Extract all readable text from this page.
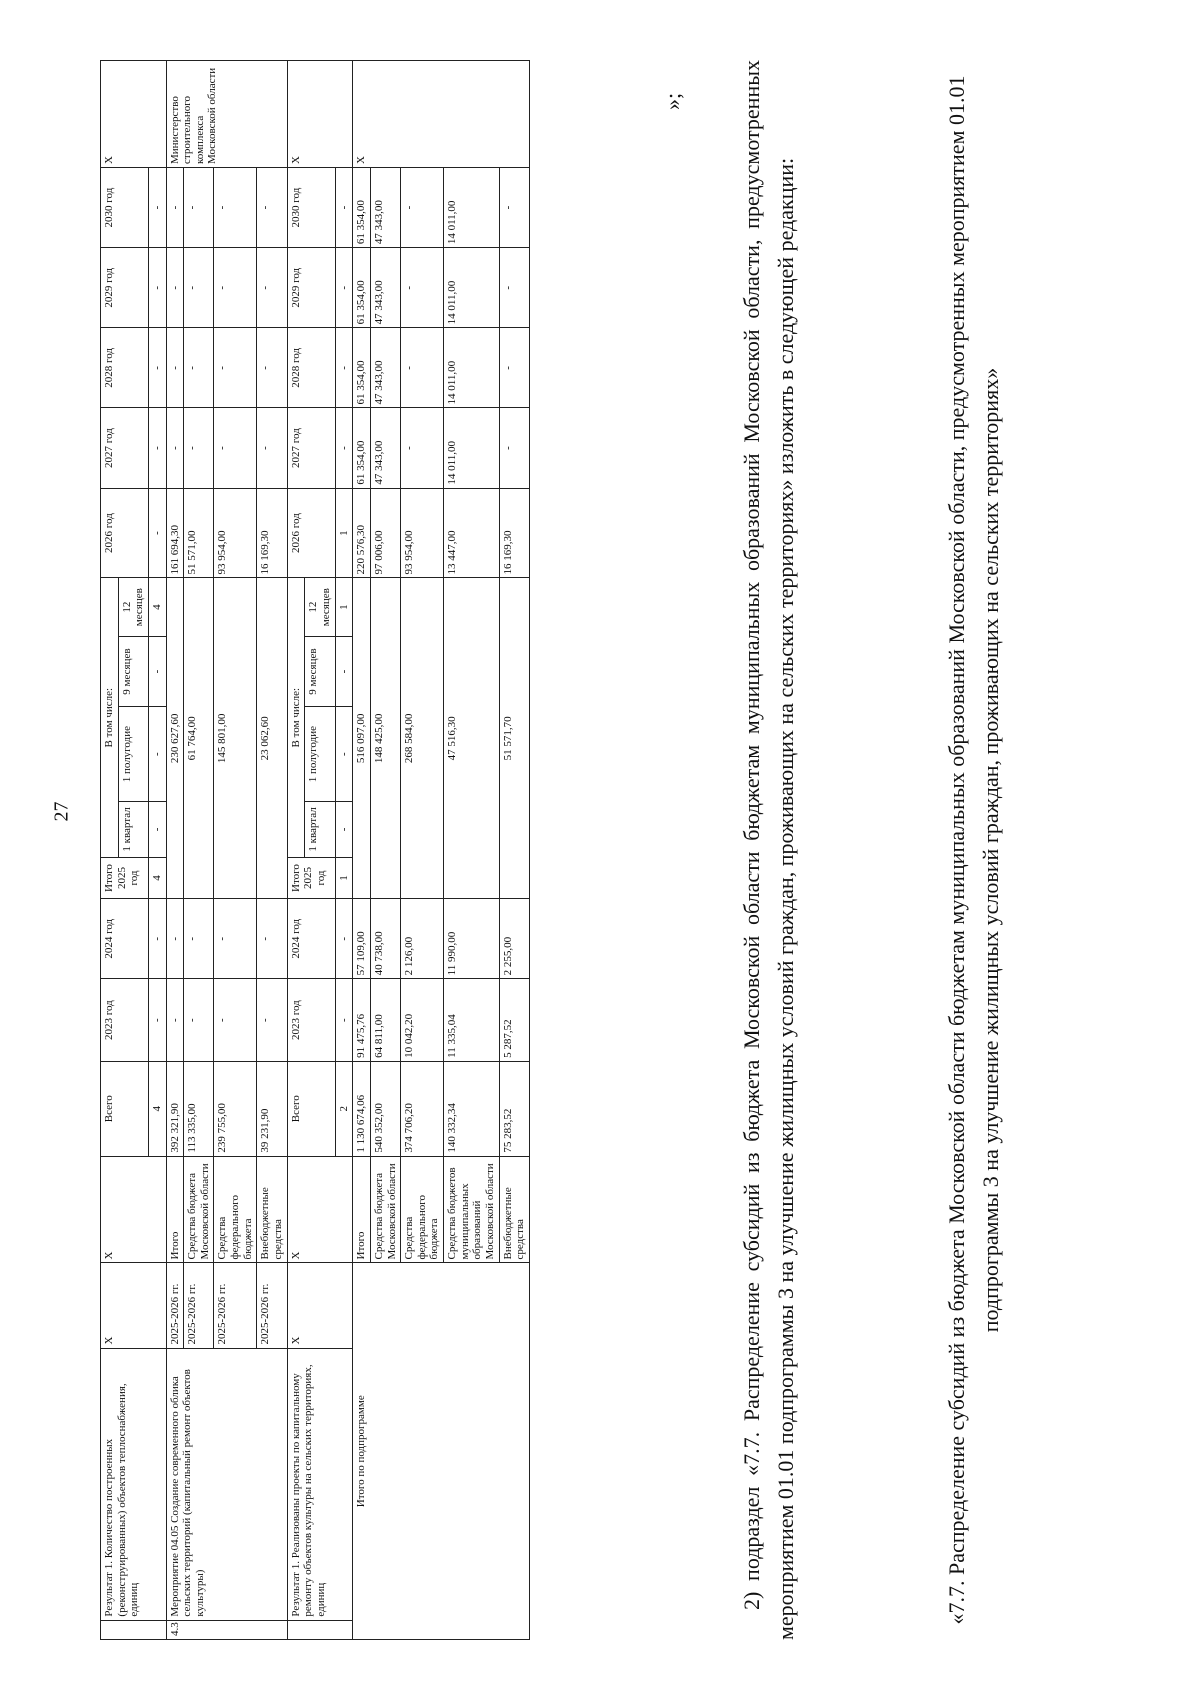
27
	Результат 1. Количество построенных (реконструированных) объектов теплоснабжения, единиц	X	X	Всего	2023 год	2024 год	Итого 2025 год	В том числе:				2026 год	2027 год	2028 год	2029 год	2030 год	X
								1 квартал	1 полугодие	9 месяцев	12 месяцев						
				4	-	-	4	-	-	-	4	-	-	-	-	-	
4.3	Мероприятие 04.05 Создание современного облика сельских территорий (капитальный ремонт объектов культуры)	2025-2026 гг.	Итого	392 321,90	-	-	230 627,60					161 694,30	-	-	-	-	Министерство строительного комплекса Московской области
		2025-2026 гг.	Средства бюджета Московской области	113 335,00	-	-	61 764,00					51 571,00	-	-	-	-	
		2025-2026 гг.	Средства федерального бюджета	239 755,00	-	-	145 801,00					93 954,00	-	-	-	-	
		2025-2026 гг.	Внебюджетные средства	39 231,90	-	-	23 062,60					16 169,30	-	-	-	-	
	Результат 1. Реализованы проекты по капитальному ремонту объектов культуры на сельских территориях, единиц	X	X	Всего	2023 год	2024 год	Итого 2025 год	В том числе:				2026 год	2027 год	2028 год	2029 год	2030 год	X
								1 квартал	1 полугодие	9 месяцев	12 месяцев						
				2	-	-	1	-	-	-	1	1	-	-	-	-	
Итого по подпрограмме			Итого	1 130 674,06	91 475,76	57 109,00	516 097,00					220 576,30	61 354,00	61 354,00	61 354,00	61 354,00	X
			Средства бюджета Московской области	540 352,00	64 811,00	40 738,00	148 425,00					97 006,00	47 343,00	47 343,00	47 343,00	47 343,00	
			Средства федерального бюджета	374 706,20	10 042,20	2 126,00	268 584,00					93 954,00	-	-	-	-	
			Средства бюджетов муниципальных образований Московской области	140 332,34	11 335,04	11 990,00	47 516,30					13 447,00	14 011,00	14 011,00	14 011,00	14 011,00	
			Внебюджетные средства	75 283,52	5 287,52	2 255,00	51 571,70					16 169,30	-	-	-	-	
»; 2) подраздел «7.7. Распределение субсидий из бюджета Московской области бюджетам муниципальных образований Московской области, предусмотренных мероприятием 01.01 подпрограммы 3 на улучшение жилищных условий граждан, проживающих на сельских территориях» изложить в следующей редакции:	«7.7. Распределение субсидий из бюджета Московской области бюджетам муниципальных образований Московской области, предусмотренных мероприятием 01.01 подпрограммы 3 на улучшение жилищных условий граждан, проживающих на сельских территориях»
